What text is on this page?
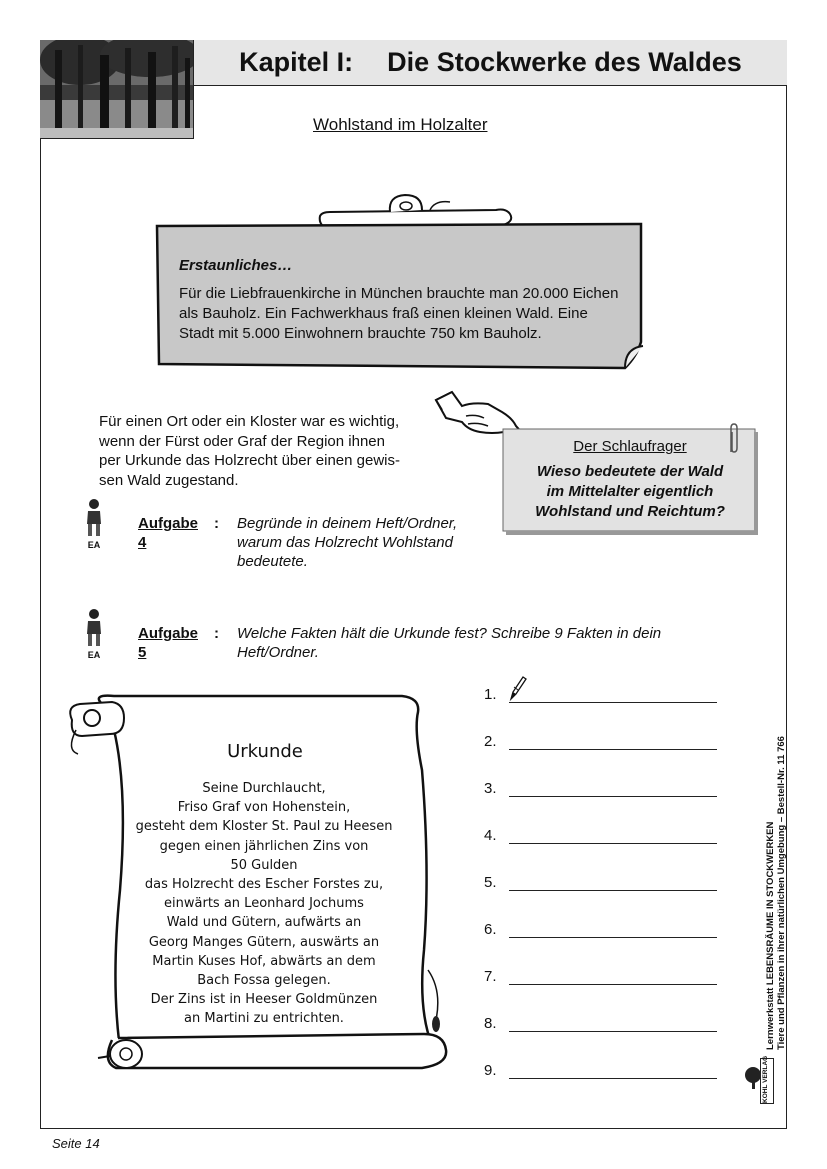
Kapitel I: Die Stockwerke des Waldes
Wohlstand im Holzalter
Erstaunliches…
Für die Liebfrauenkirche in München brauchte man 20.000 Eichen
als Bauholz. Ein Fachwerkhaus fraß einen kleinen Wald. Eine
Stadt mit 5.000 Einwohnern brauchte 750 km Bauholz.
Für einen Ort oder ein Kloster war es wichtig,
wenn der Fürst oder Graf der Region ihnen
per Urkunde das Holzrecht über einen gewis-
sen Wald zugestand.
Der Schlaufrager
Wieso bedeutete der Wald
im Mittelalter eigentlich
Wohlstand und Reichtum?
EA
Aufgabe 4
: Begründe in deinem Heft/Ordner,
warum das Holzrecht Wohlstand
bedeutete.
EA
Aufgabe 5
: Welche Fakten hält die Urkunde fest? Schreibe 9 Fakten in dein
Heft/Ordner.
Urkunde
Seine Durchlaucht,
Friso Graf von Hohenstein,
gesteht dem Kloster St. Paul zu Heesen
gegen einen jährlichen Zins von
50 Gulden
das Holzrecht des Escher Forstes zu,
einwärts an Leonhard Jochums
Wald und Gütern, aufwärts an
Georg Manges Gütern, auswärts an
Martin Kuses Hof, abwärts an dem
Bach Fossa gelegen.
Der Zins ist in Heeser Goldmünzen
an Martini zu entrichten.
1.
2.
3.
4.
5.
6.
7.
8.
9.
Lernwerkstatt LEBENSRÄUME IN STOCKWERKEN Tiere und Pflanzen in ihrer natürlichen Umgebung – Bestell-Nr. 11 766
KOHL VERLAG
Seite 14
